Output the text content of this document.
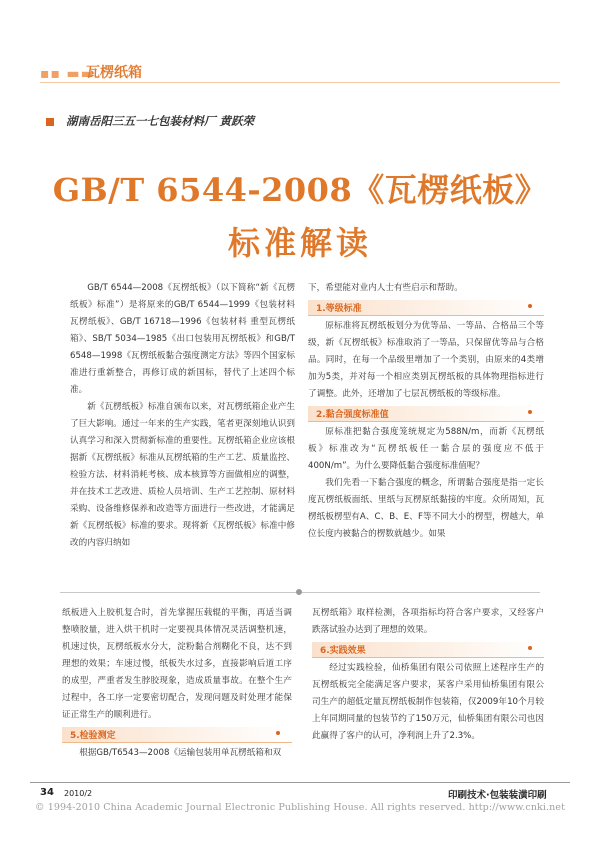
▪▪ ▬▬
瓦楞纸箱
湖南岳阳三五一七包装材料厂 黄跃荣
GB/T 6544-2008《瓦楞纸板》
标准解读

GB/T 6544—2008《瓦楞纸板》（以下简称“新《瓦楞纸板》标准”）是将原来的GB/T 6544—1999《包装材料 瓦楞纸板》、GB/T 16718—1996《包装材料 重型瓦楞纸箱》、SB/T 5034—1985《出口包装用瓦楞纸板》和GB/T 6548—1998《瓦楞纸板黏合强度测定方法》等四个国家标准进行重新整合，再修订成的新国标，替代了上述四个标准。

新《瓦楞纸板》标准自颁布以来，对瓦楞纸箱企业产生了巨大影响。通过一年来的生产实践，笔者更深刻地认识到认真学习和深入贯彻新标准的重要性。瓦楞纸箱企业应该根据新《瓦楞纸板》标准从瓦楞纸箱的生产工艺、质量监控、检验方法、材料消耗考核、成本核算等方面做相应的调整，并在技术工艺改进、质检人员培训、生产工艺控制、原材料采购、设备维修保养和改造等方面进行一些改进，才能满足新《瓦楞纸板》标准的要求。现将新《瓦楞纸板》标准中修改的内容归纳如

下，希望能对业内人士有些启示和帮助。

1.等级标准

原标准将瓦楞纸板划分为优等品、一等品、合格品三个等级，新《瓦楞纸板》标准取消了一等品，只保留优等品与合格品。同时，在每一个品级里增加了一个类别，由原来的4类增加为5类，并对每一个相应类别瓦楞纸板的具体物理指标进行了调整。此外，还增加了七层瓦楞纸板的等级标准。

2.黏合强度标准值

原标准把黏合强度笼统规定为588N/m，而新《瓦楞纸板》标准改为“瓦楞纸板任一黏合层的强度应不低于400N/m”。为什么要降低黏合强度标准值呢？

我们先看一下黏合强度的概念，所谓黏合强度是指一定长度瓦楞纸板面纸、里纸与瓦楞原纸黏接的牢度。众所周知，瓦楞纸板楞型有A、C、B、E、F等不同大小的楞型，楞越大，单位长度内被黏合的楞数就越少。如果

纸板进入上胶机复合时，首先掌握压载辊的平衡，再适当调整喷胶量，进入烘干机时一定要视具体情况灵活调整机速，机速过快，瓦楞纸板水分大，淀粉黏合剂糊化不良，达不到理想的效果；车速过慢，纸板失水过多，直接影响后道工序的成型，严重者发生脖胶现象，造成质量事故。在整个生产过程中，各工序一定要密切配合，发现问题及时处理才能保证正常生产的顺利进行。

5.检验测定

根据GB/T6543—2008《运输包装用单瓦楞纸箱和双

瓦楞纸箱》取样检测，各项指标均符合客户要求，又经客户跌落试验办达到了理想的效果。

6.实践效果

经过实践检验，仙桥集团有限公司依照上述程序生产的瓦楞纸板完全能满足客户要求，某客户采用仙桥集团有限公司生产的超低定量瓦楞纸板制作包装箱，仅2009年10个月较上年同期同量的包装节约了150万元，仙桥集团有限公司也因此赢得了客户的认可，净利润上升了2.3%。

34 2010/2	印刷技术·包装装潢印刷
© 1994-2010 China Academic Journal Electronic Publishing House. All rights reserved. http://www.cnki.net
